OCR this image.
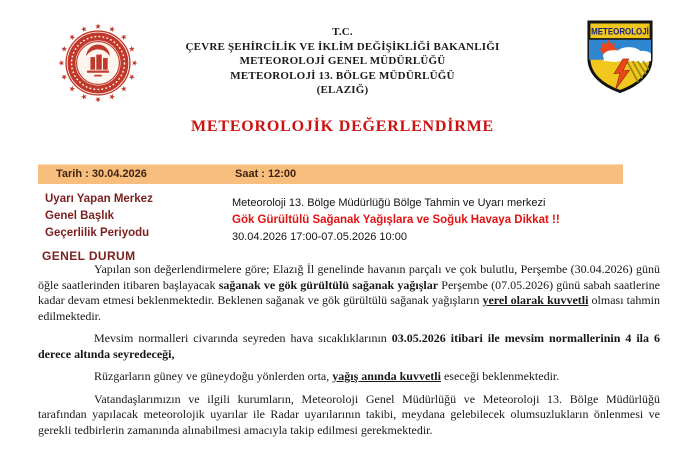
METEOROLOJİ
T.C.
ÇEVRE ŞEHİRCİLİK VE İKLİM DEĞİŞİKLİĞİ BAKANLIĞI
METEOROLOJİ GENEL MÜDÜRLÜĞÜ
METEOROLOJİ 13. BÖLGE MÜDÜRLÜĞÜ
(ELAZIĞ)
METEOROLOJİK DEĞERLENDİRME
Tarih : 30.04.2026	Saat : 12:00
Uyarı Yapan Merkez	Meteoroloji 13. Bölge Müdürlüğü Bölge Tahmin ve Uyarı merkezi
Genel Başlık	Gök Gürültülü Sağanak Yağışlara ve Soğuk Havaya Dikkat !!
Geçerlilik Periyodu	30.04.2026 17:00-07.05.2026 10:00
GENEL DURUM

Yapılan son değerlendirmelere göre; Elazığ İl genelinde havanın parçalı ve çok bulutlu, Perşembe (30.04.2026) günü öğle saatlerinden itibaren başlayacak sağanak ve gök gürültülü sağanak yağışlar Perşembe (07.05.2026) günü sabah saatlerine kadar devam etmesi beklenmektedir. Beklenen sağanak ve gök gürültülü sağanak yağışların yerel olarak kuvvetli olması tahmin edilmektedir.

Mevsim normalleri civarında seyreden hava sıcaklıklarının 03.05.2026 itibari ile mevsim normallerinin 4 ila 6 derece altında seyredeceği,

Rüzgarların güney ve güneydoğu yönlerden orta, yağış anında kuvvetli eseceği beklenmektedir.

Vatandaşlarımızın ve ilgili kurumların, Meteoroloji Genel Müdürlüğü ve Meteoroloji 13. Bölge Müdürlüğü tarafından yapılacak meteorolojik uyarılar ile Radar uyarılarının takibi, meydana gelebilecek olumsuzlukların önlenmesi ve gerekli tedbirlerin zamanında alınabilmesi amacıyla takip edilmesi gerekmektedir.
